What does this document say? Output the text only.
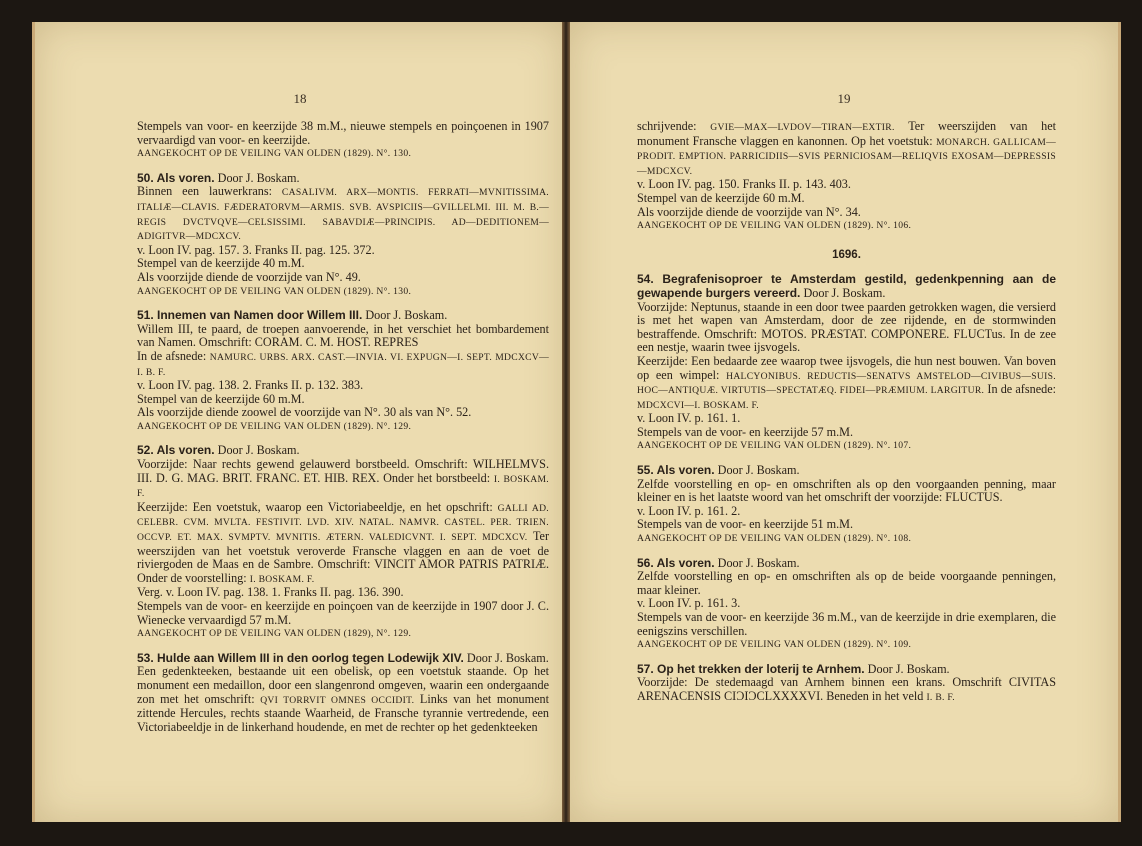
18

Stempels van voor- en keerzijde 38 m.M., nieuwe stempels en poinçoenen in 1907 vervaardigd van voor- en keerzijde.

AANGEKOCHT OP DE VEILING VAN OLDEN (1829). N°. 130.

50. Als voren. Door J. Boskam.

Binnen een lauwerkrans: CASALIVM. ARX—MONTIS. FERRATI—MVNITISSIMA. ITALIÆ—CLAVIS. FÆDERATORVM—ARMIS. SVB. AVSPICIIS—GVILLELMI. III. M. B.—REGIS DVCTVQVE—CELSISSIMI. SABAVDIÆ—PRINCIPIS. AD—DEDITIONEM—ADIGITVR—MDCXCV.

v. Loon IV. pag. 157. 3. Franks II. pag. 125. 372.

Stempel van de keerzijde 40 m.M.

Als voorzijde diende de voorzijde van N°. 49.

AANGEKOCHT OP DE VEILING VAN OLDEN (1829). N°. 130.

51. Innemen van Namen door Willem III. Door J. Boskam.

Willem III, te paard, de troepen aanvoerende, in het verschiet het bombardement van Namen. Omschrift: CORAM. C. M. HOST. REPRES

In de afsnede: NAMURC. URBS. ARX. CAST.—INVIA. VI. EXPUGN—I. SEPT. MDCXCV—I. B. F.

v. Loon IV. pag. 138. 2. Franks II. p. 132. 383.

Stempel van de keerzijde 60 m.M.

Als voorzijde diende zoowel de voorzijde van N°. 30 als van N°. 52.

AANGEKOCHT OP DE VEILING VAN OLDEN (1829). N°. 129.

52. Als voren. Door J. Boskam.

Voorzijde: Naar rechts gewend gelauwerd borstbeeld. Omschrift: WILHELMVS. III. D. G. MAG. BRIT. FRANC. ET. HIB. REX. Onder het borstbeeld: I. BOSKAM. F.

Keerzijde: Een voetstuk, waarop een Victoriabeeldje, en het opschrift: GALLI AD. CELEBR. CVM. MVLTA. FESTIVIT. LVD. XIV. NATAL. NAMVR. CASTEL. PER. TRIEN. OCCVP. ET. MAX. SVMPTV. MVNITIS. ÆTERN. VALEDICVNT. I. SEPT. MDCXCV. Ter weerszijden van het voetstuk veroverde Fransche vlaggen en aan de voet de riviergoden de Maas en de Sambre. Omschrift: VINCIT AMOR PATRIS PATRIÆ. Onder de voorstelling: I. BOSKAM. F.

Verg. v. Loon IV. pag. 138. 1. Franks II. pag. 136. 390.

Stempels van de voor- en keerzijde en poinçoen van de keerzijde in 1907 door J. C. Wienecke vervaardigd 57 m.M.

AANGEKOCHT OP DE VEILING VAN OLDEN (1829), N°. 129.

53. Hulde aan Willem III in den oorlog tegen Lodewijk XIV. Door J. Boskam.

Een gedenkteeken, bestaande uit een obelisk, op een voetstuk staande. Op het monument een medaillon, door een slangenrond omgeven, waarin een ondergaande zon met het omschrift: QVI TORRVIT OMNES OCCIDIT. Links van het monument zittende Hercules, rechts staande Waarheid, de Fransche tyrannie vertredende, een Victoriabeeldje in de linkerhand houdende, en met de rechter op het gedenkteeken

19

schrijvende: GVIE—MAX—LVDOV—TIRAN—EXTIR. Ter weerszijden van het monument Fransche vlaggen en kanonnen. Op het voetstuk: MONARCH. GALLICAM—PRODIT. EMPTION. PARRICIDIIS—SVIS PERNICIOSAM—RELIQVIS EXOSAM—DEPRESSIS—MDCXCV.

v. Loon IV. pag. 150. Franks II. p. 143. 403.

Stempel van de keerzijde 60 m.M.

Als voorzijde diende de voorzijde van N°. 34.

AANGEKOCHT OP DE VEILING VAN OLDEN (1829). N°. 106.

1696.

54. Begrafenisoproer te Amsterdam gestild, gedenkpenning aan de gewapende burgers vereerd. Door J. Boskam.

Voorzijde: Neptunus, staande in een door twee paarden getrokken wagen, die versierd is met het wapen van Amsterdam, door de zee rijdende, en de stormwinden bestraffende. Omschrift: MOTOS. PRÆSTAT. COMPONERE. FLUCTus. In de zee een nestje, waarin twee ijsvogels.

Keerzijde: Een bedaarde zee waarop twee ijsvogels, die hun nest bouwen. Van boven op een wimpel: HALCYONIBUS. REDUCTIS—SENATVS AMSTELOD—CIVIBUS—SUIS. HOC—ANTIQUÆ. VIRTUTIS—SPECTATÆQ. FIDEI—PRÆMIUM. LARGITUR. In de afsnede: MDCXCVI—I. BOSKAM. F.

v. Loon IV. p. 161. 1.

Stempels van de voor- en keerzijde 57 m.M.

AANGEKOCHT OP DE VEILING VAN OLDEN (1829). N°. 107.

55. Als voren. Door J. Boskam.

Zelfde voorstelling en op- en omschriften als op den voorgaanden penning, maar kleiner en is het laatste woord van het omschrift der voorzijde: FLUCTUS.

v. Loon IV. p. 161. 2.

Stempels van de voor- en keerzijde 51 m.M.

AANGEKOCHT OP DE VEILING VAN OLDEN (1829). N°. 108.

56. Als voren. Door J. Boskam.

Zelfde voorstelling en op- en omschriften als op de beide voorgaande penningen, maar kleiner.

v. Loon IV. p. 161. 3.

Stempels van de voor- en keerzijde 36 m.M., van de keerzijde in drie exemplaren, die eenigszins verschillen.

AANGEKOCHT OP DE VEILING VAN OLDEN (1829). N°. 109.

57. Op het trekken der loterij te Arnhem. Door J. Boskam.

Voorzijde: De stedemaagd van Arnhem binnen een krans. Omschrift CIVITAS ARENACENSIS CIƆIƆCLXXXXVI. Beneden in het veld I. B. F.
